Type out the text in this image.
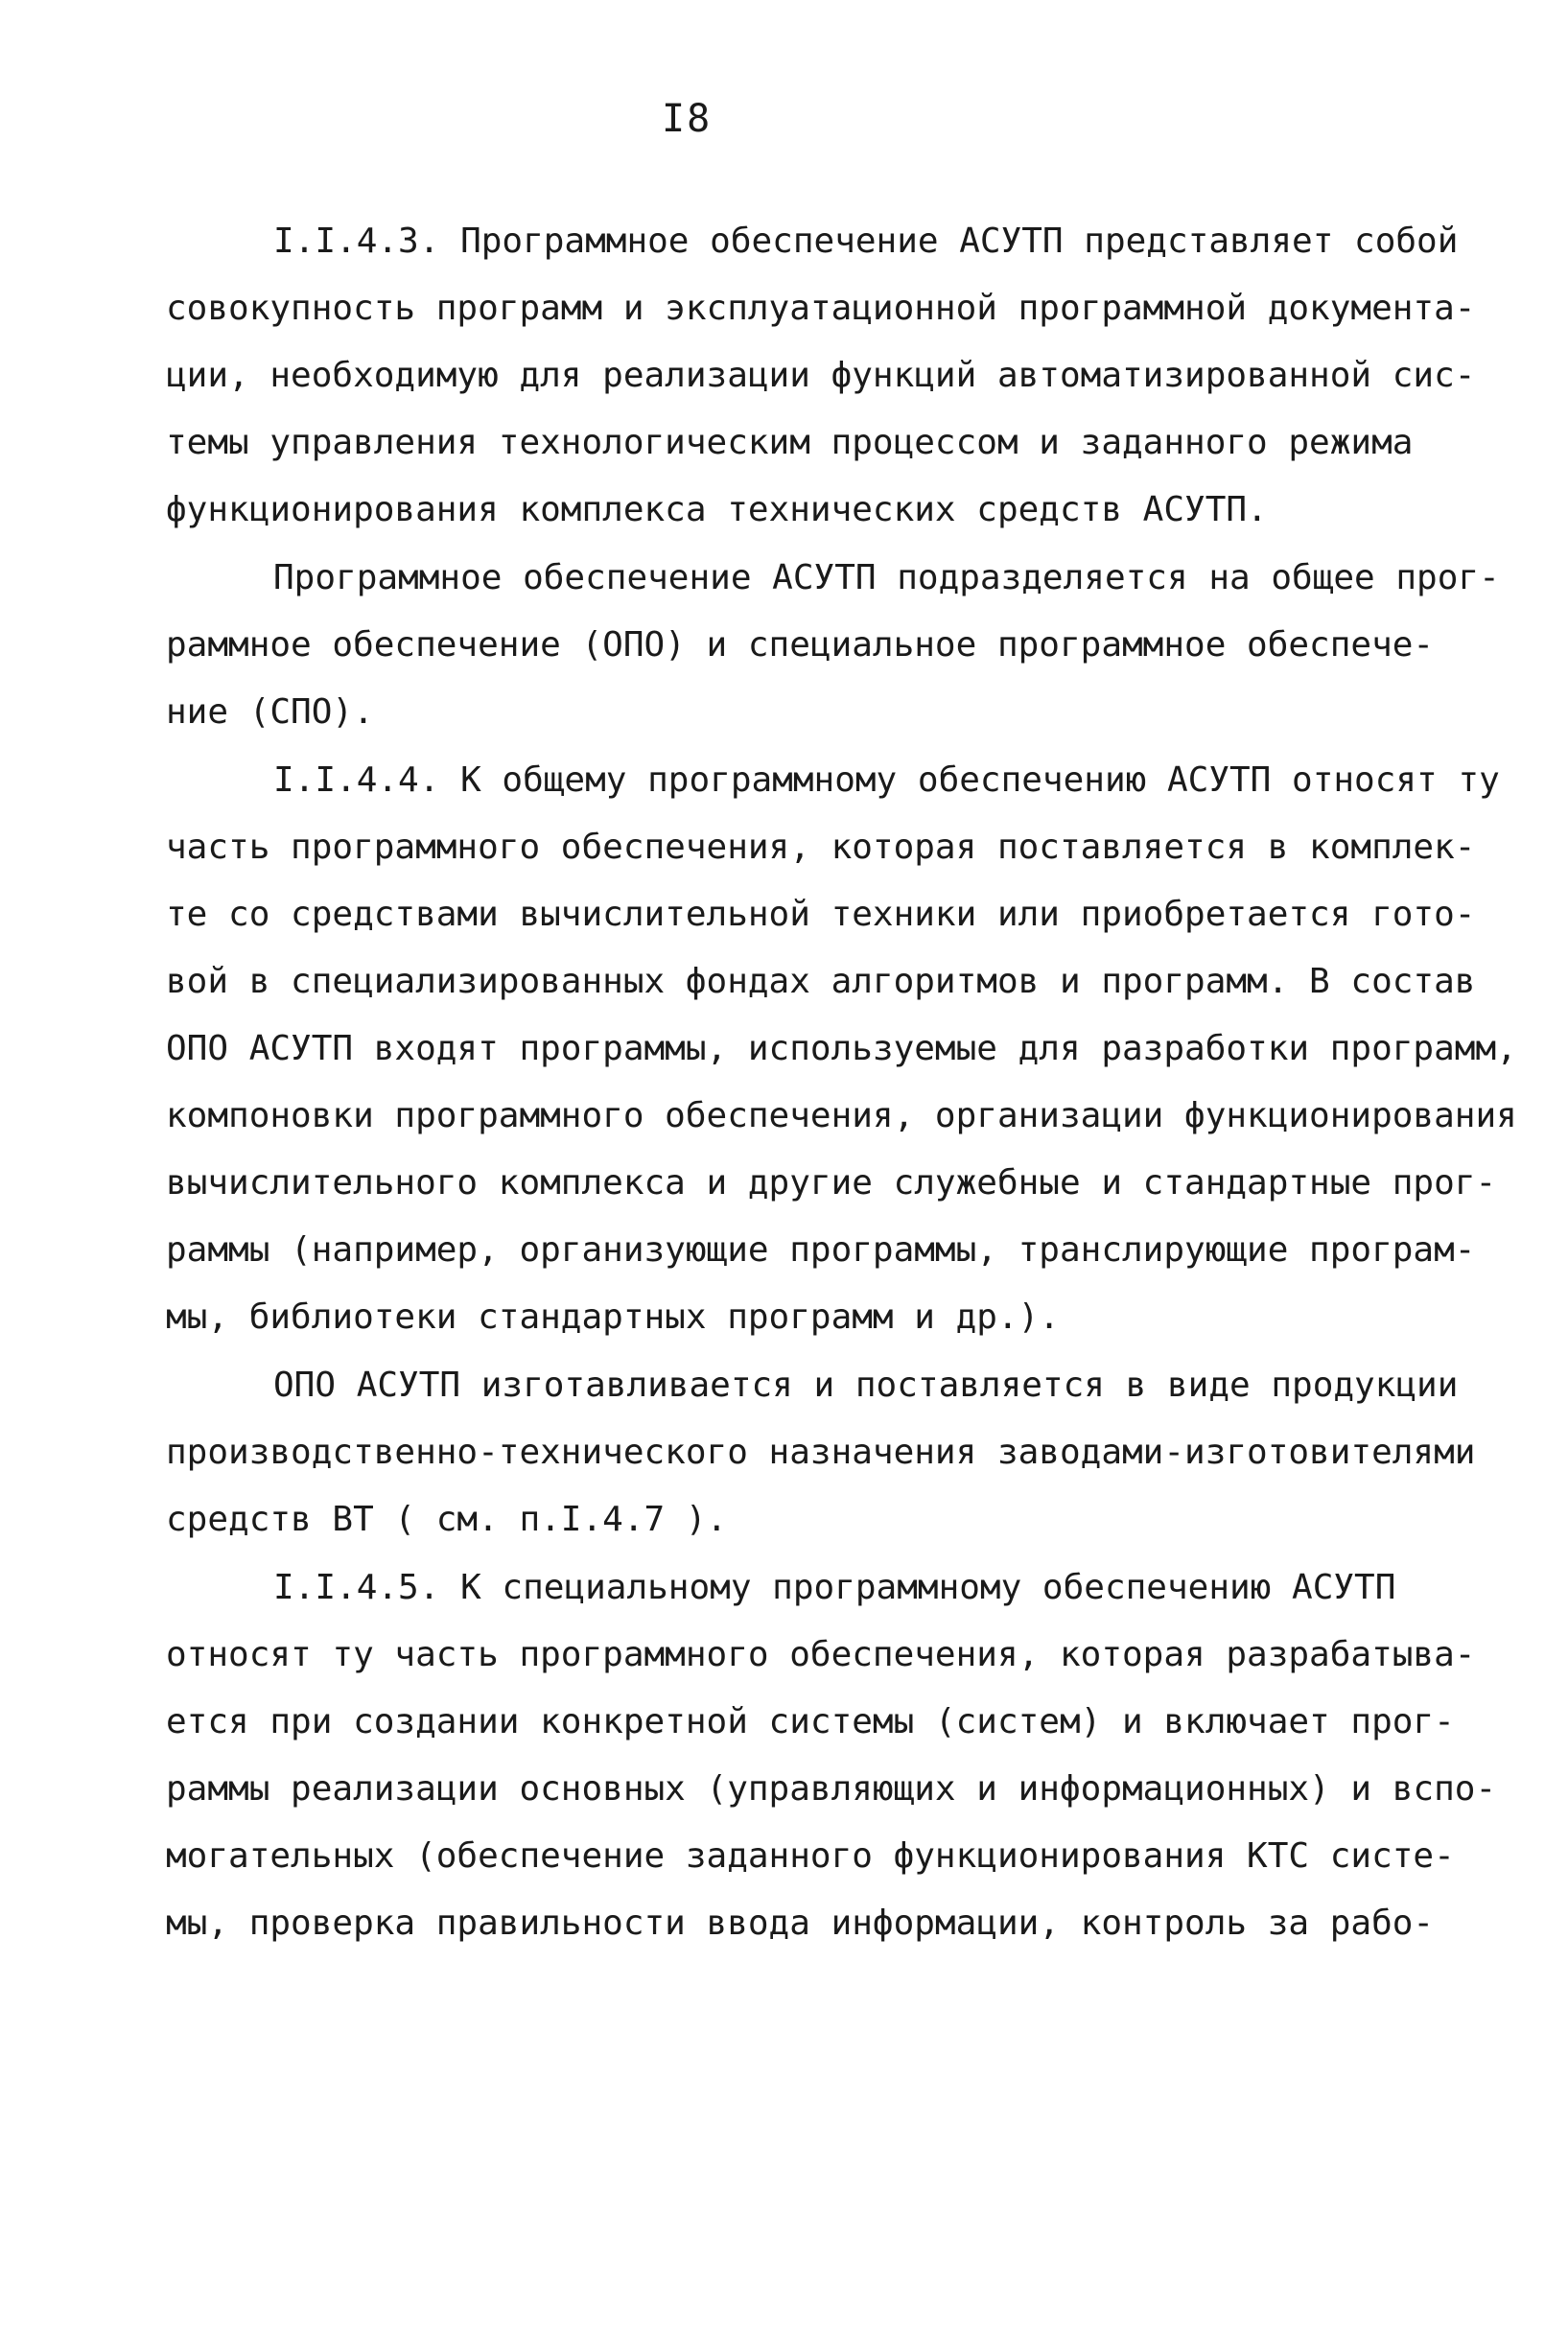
I8
I.I.4.3. Программное обеспечение АСУТП представляет собой
совокупность программ и эксплуатационной программной документа-
ции, необходимую для реализации функций автоматизированной сис-
темы управления технологическим процессом и заданного режима
функционирования комплекса технических средств АСУТП.
Программное обеспечение АСУТП подразделяется на общее прог-
раммное обеспечение (ОПО) и специальное программное обеспече-
ние (СПО).
I.I.4.4. К общему программному обеспечению АСУТП относят ту
часть программного обеспечения, которая поставляется в комплек-
те со средствами вычислительной техники или приобретается гото-
вой в специализированных фондах алгоритмов и программ. В состав
ОПО АСУТП входят программы, используемые для разработки программ,
компоновки программного обеспечения, организации функционирования
вычислительного комплекса и другие служебные и стандартные прог-
раммы (например, организующие программы, транслирующие програм-
мы, библиотеки стандартных программ и др.).
ОПО АСУТП изготавливается и поставляется в виде продукции
производственно-технического назначения заводами-изготовителями
средств ВТ ( см. п.I.4.7 ).
I.I.4.5. К специальному программному обеспечению АСУТП
относят ту часть программного обеспечения, которая разрабатыва-
ется при создании конкретной системы (систем) и включает прог-
раммы реализации основных (управляющих и информационных) и вспо-
могательных (обеспечение заданного функционирования КТС систе-
мы, проверка правильности ввода информации, контроль за рабо-
